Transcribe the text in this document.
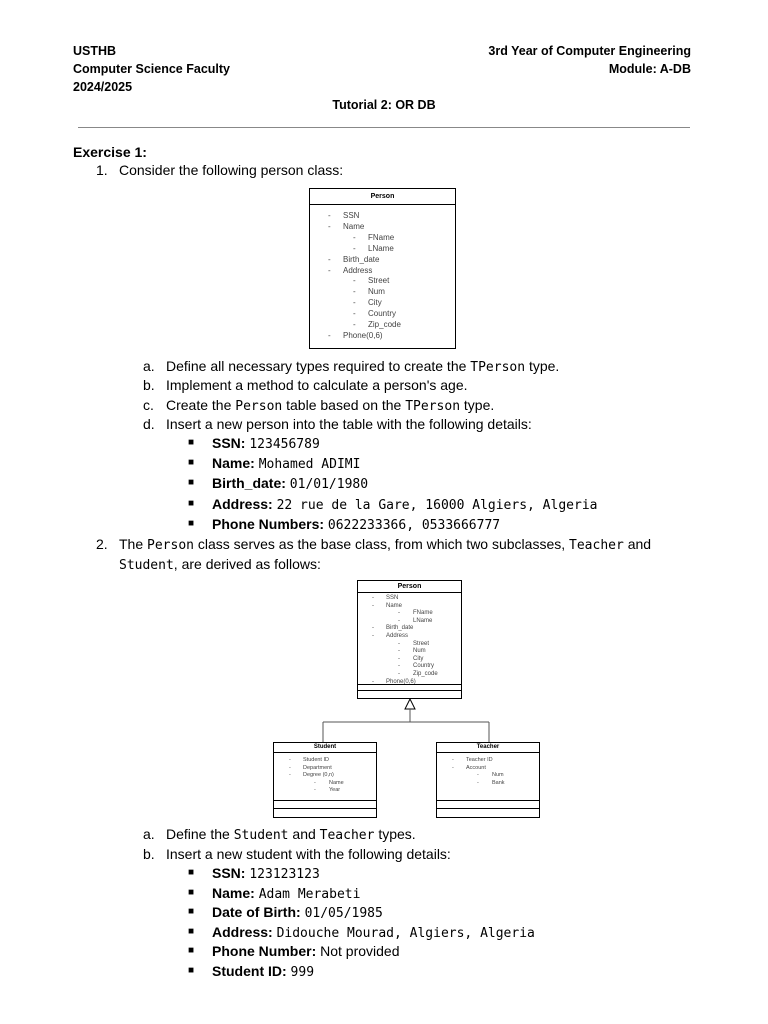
USTHB
Computer Science Faculty
2024/2025
3rd Year of Computer Engineering
Module: A-DB
Tutorial 2: OR DB
Exercise 1:
1. Consider the following person class:
Person
- SSN
- Name
- FName
- LName
- Birth_date
- Address
- Street
- Num
- City
- Country
- Zip_code
- Phone(0,6)
a. Define all necessary types required to create the TPerson type.
b. Implement a method to calculate a person's age.
c. Create the Person table based on the TPerson type.
d. Insert a new person into the table with the following details:
■ SSN: 123456789
■ Name: Mohamed ADIMI
■ Birth_date: 01/01/1980
■ Address: 22 rue de la Gare, 16000 Algiers, Algeria
■ Phone Numbers: 0622233366, 0533666777
2. The Person class serves as the base class, from which two subclasses, Teacher and
Student, are derived as follows:
Person
- SSN
- Name
- FName
- LName
- Birth_date
- Address
- Street
- Num
- City
- Country
- Zip_code
- Phone(0,6)
Student
- Student ID
- Department
- Degree (0,n)
- Name
- Year
Teacher
- Teacher ID
- Account
- Num
- Bank
a. Define the Student and Teacher types.
b. Insert a new student with the following details:
■ SSN: 123123123
■ Name: Adam Merabeti
■ Date of Birth: 01/05/1985
■ Address: Didouche Mourad, Algiers, Algeria
■ Phone Number: Not provided
■ Student ID: 999
